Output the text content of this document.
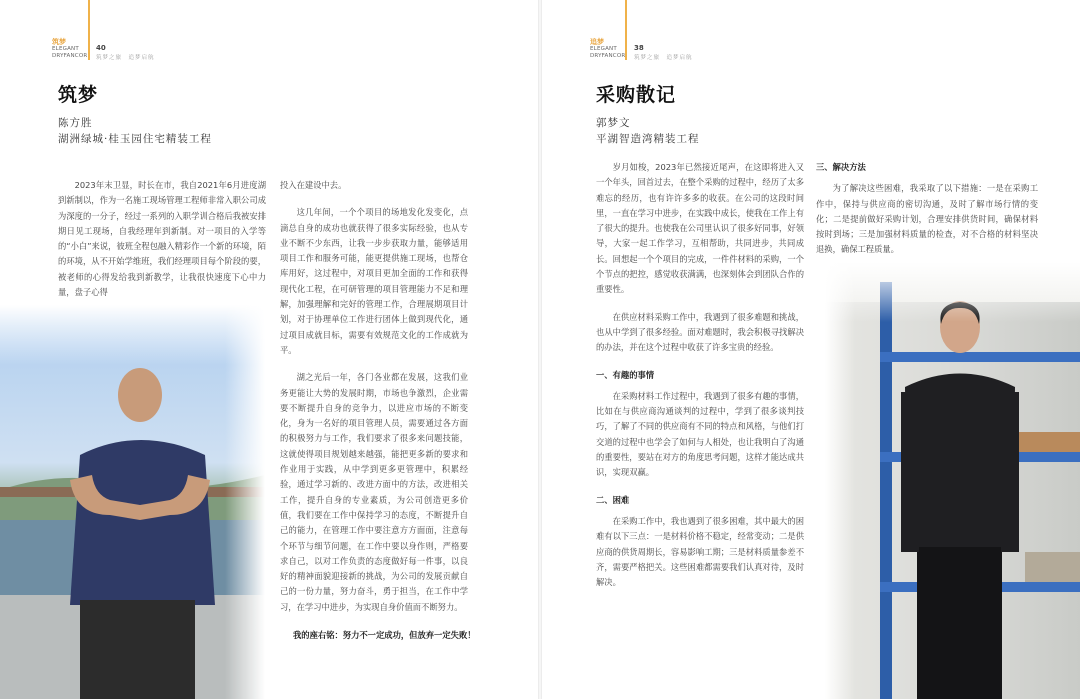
筑梦
ELEGANT
DRYFANCOR
40
筑梦之旅　追梦启航
筑梦
陈方胜
湖洲绿城·桂玉园住宅精装工程

2023年末卫显，时长在市，我自2021年6月进度湖到新制以，作为一名施工现场管理工程师非常入职公司成为深度的一分子，经过一系列的入职学训合格后我被安排期日见工现场，自我经理年到新制。对一项目的入学等的“小白”来说，彼班全程包融入精彩作一个新的环境，陌的环境，从不开始学维班，我们经理项目每个阶段的要，被老师的心得发给我到新教学，让我很快速度下心中力量，盘子心得

投入在建设中去。

这几年间，一个个项目的场地发化发变化，点滴总自身的成功也就获得了很多实际经验，也从专业不断不少东西，让我一步步获取力量，能够适用项目工作和服务可能，能更提供施工现场，也帮仓库用好，这过程中，对项目更加全面的工作和获得现代化工程，在可研管理的项目管理能力不足和理解，加强理解和完好的管理工作，合理展期项目计划，对于协理单位工作进行团体上做到现代化，通过项目成就目标，需要有效规范文化的工作成就为平。

湖之光后一年，各门各业都在发展，这我们业务更能让大势的发展时期，市场也争激烈，企业需要不断提升自身的竞争力，以进应市场的不断变化，身为一名好的项目管理人员，需要通过各方面的积极努力与工作，我们要求了很多来问题技能，这就使得项目规划越来越强，能把更多新的要求和作业用于实践，从中学到更多更管理中，积累经验，通过学习新的、改进方面中的方法，改进相关工作，提升自身的专业素质，为公司创造更多价值，我们要在工作中保持学习的态度，不断提升自己的能力，在管理工作中要注意方方面面，注意每个环节与细节问题，在工作中要以身作则，严格要求自己，以对工作负责的态度做好每一件事，以良好的精神面貌迎接新的挑战，为公司的发展贡献自己的一份力量，努力奋斗，勇于担当，在工作中学习，在学习中进步，为实现自身价值而不断努力。

我的座右铭：努力不一定成功，但放弃一定失败！

追梦
ELEGANT
DRYFANCOR
38
筑梦之旅　追梦启航
采购散记
郭梦文
平湖智造湾精装工程

岁月如梭，2023年已然接近尾声，在这即将进入又一个年头，回首过去，在整个采购的过程中，经历了太多难忘的经历，也有许许多多的收获。在公司的这段时间里，一直在学习中进步，在实践中成长，使我在工作上有了很大的提升。也使我在公司里认识了很多好同事，好领导，大家一起工作学习，互相帮助，共同进步，共同成长。回想起一个个项目的完成，一件件材料的采购，一个个节点的把控，感觉收获满满，也深刻体会到团队合作的重要性。

在供应材料采购工作中，我遇到了很多难题和挑战，也从中学到了很多经验。面对难题时，我会积极寻找解决的办法，并在这个过程中收获了许多宝贵的经验。

一、有趣的事情

在采购材料工作过程中，我遇到了很多有趣的事情，比如在与供应商沟通谈判的过程中，学到了很多谈判技巧，了解了不同的供应商有不同的特点和风格，与他们打交道的过程中也学会了如何与人相处，也让我明白了沟通的重要性，要站在对方的角度思考问题，这样才能达成共识，实现双赢。

二、困难

在采购工作中，我也遇到了很多困难，其中最大的困难有以下三点：一是材料价格不稳定，经常变动；二是供应商的供货周期长，容易影响工期；三是材料质量参差不齐，需要严格把关。这些困难都需要我们认真对待，及时解决。

三、解决方法

为了解决这些困难，我采取了以下措施：一是在采购工作中，保持与供应商的密切沟通，及时了解市场行情的变化；二是提前做好采购计划，合理安排供货时间，确保材料按时到场；三是加强材料质量的检查，对不合格的材料坚决退换，确保工程质量。
